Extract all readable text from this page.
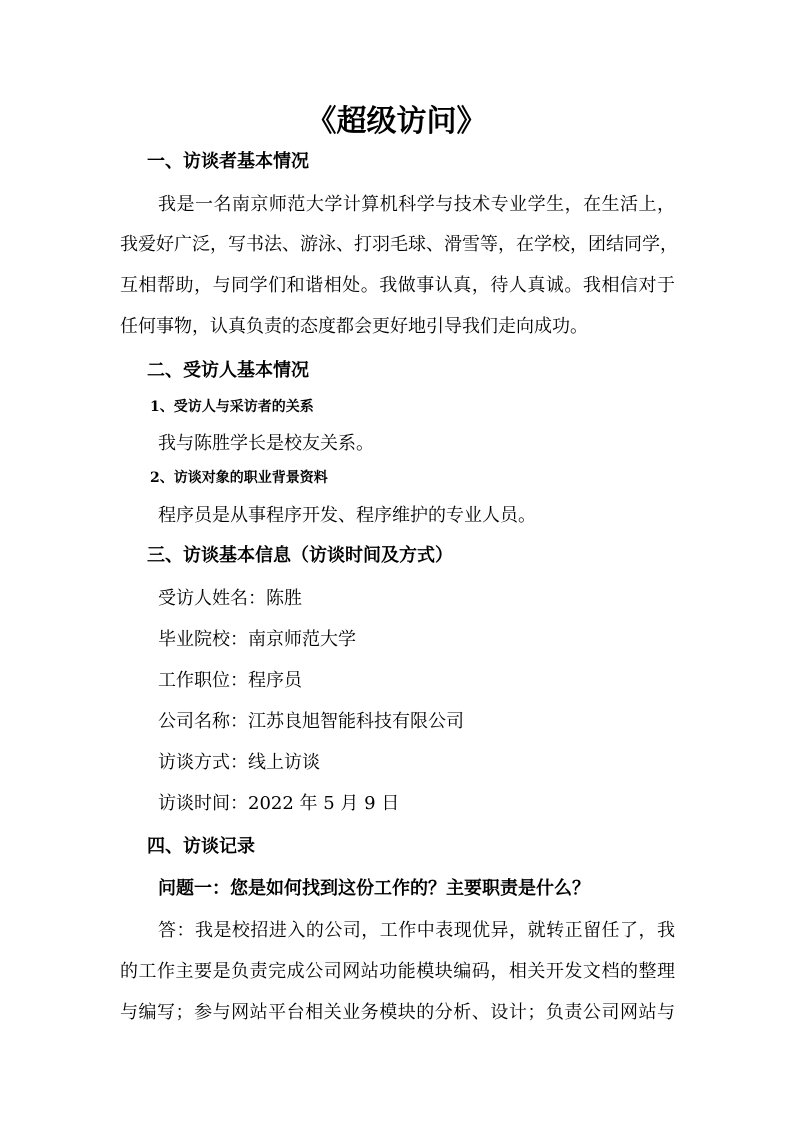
《超级访问》
一、访谈者基本情况
我是一名南京师范大学计算机科学与技术专业学生，在生活上，
我爱好广泛，写书法、游泳、打羽毛球、滑雪等，在学校，团结同学，
互相帮助，与同学们和谐相处。我做事认真，待人真诚。我相信对于
任何事物，认真负责的态度都会更好地引导我们走向成功。
二、受访人基本情况
1、受访人与采访者的关系
我与陈胜学长是校友关系。
2、访谈对象的职业背景资料
程序员是从事程序开发、程序维护的专业人员。
三、访谈基本信息（访谈时间及方式）
受访人姓名：陈胜
毕业院校：南京师范大学
工作职位：程序员
公司名称：江苏良旭智能科技有限公司
访谈方式：线上访谈
访谈时间：2022 年 5 月 9 日
四、访谈记录
问题一：您是如何找到这份工作的？主要职责是什么？
答：我是校招进入的公司，工作中表现优异，就转正留任了，我
的工作主要是负责完成公司网站功能模块编码，相关开发文档的整理
与编写；参与网站平台相关业务模块的分析、设计；负责公司网站与
